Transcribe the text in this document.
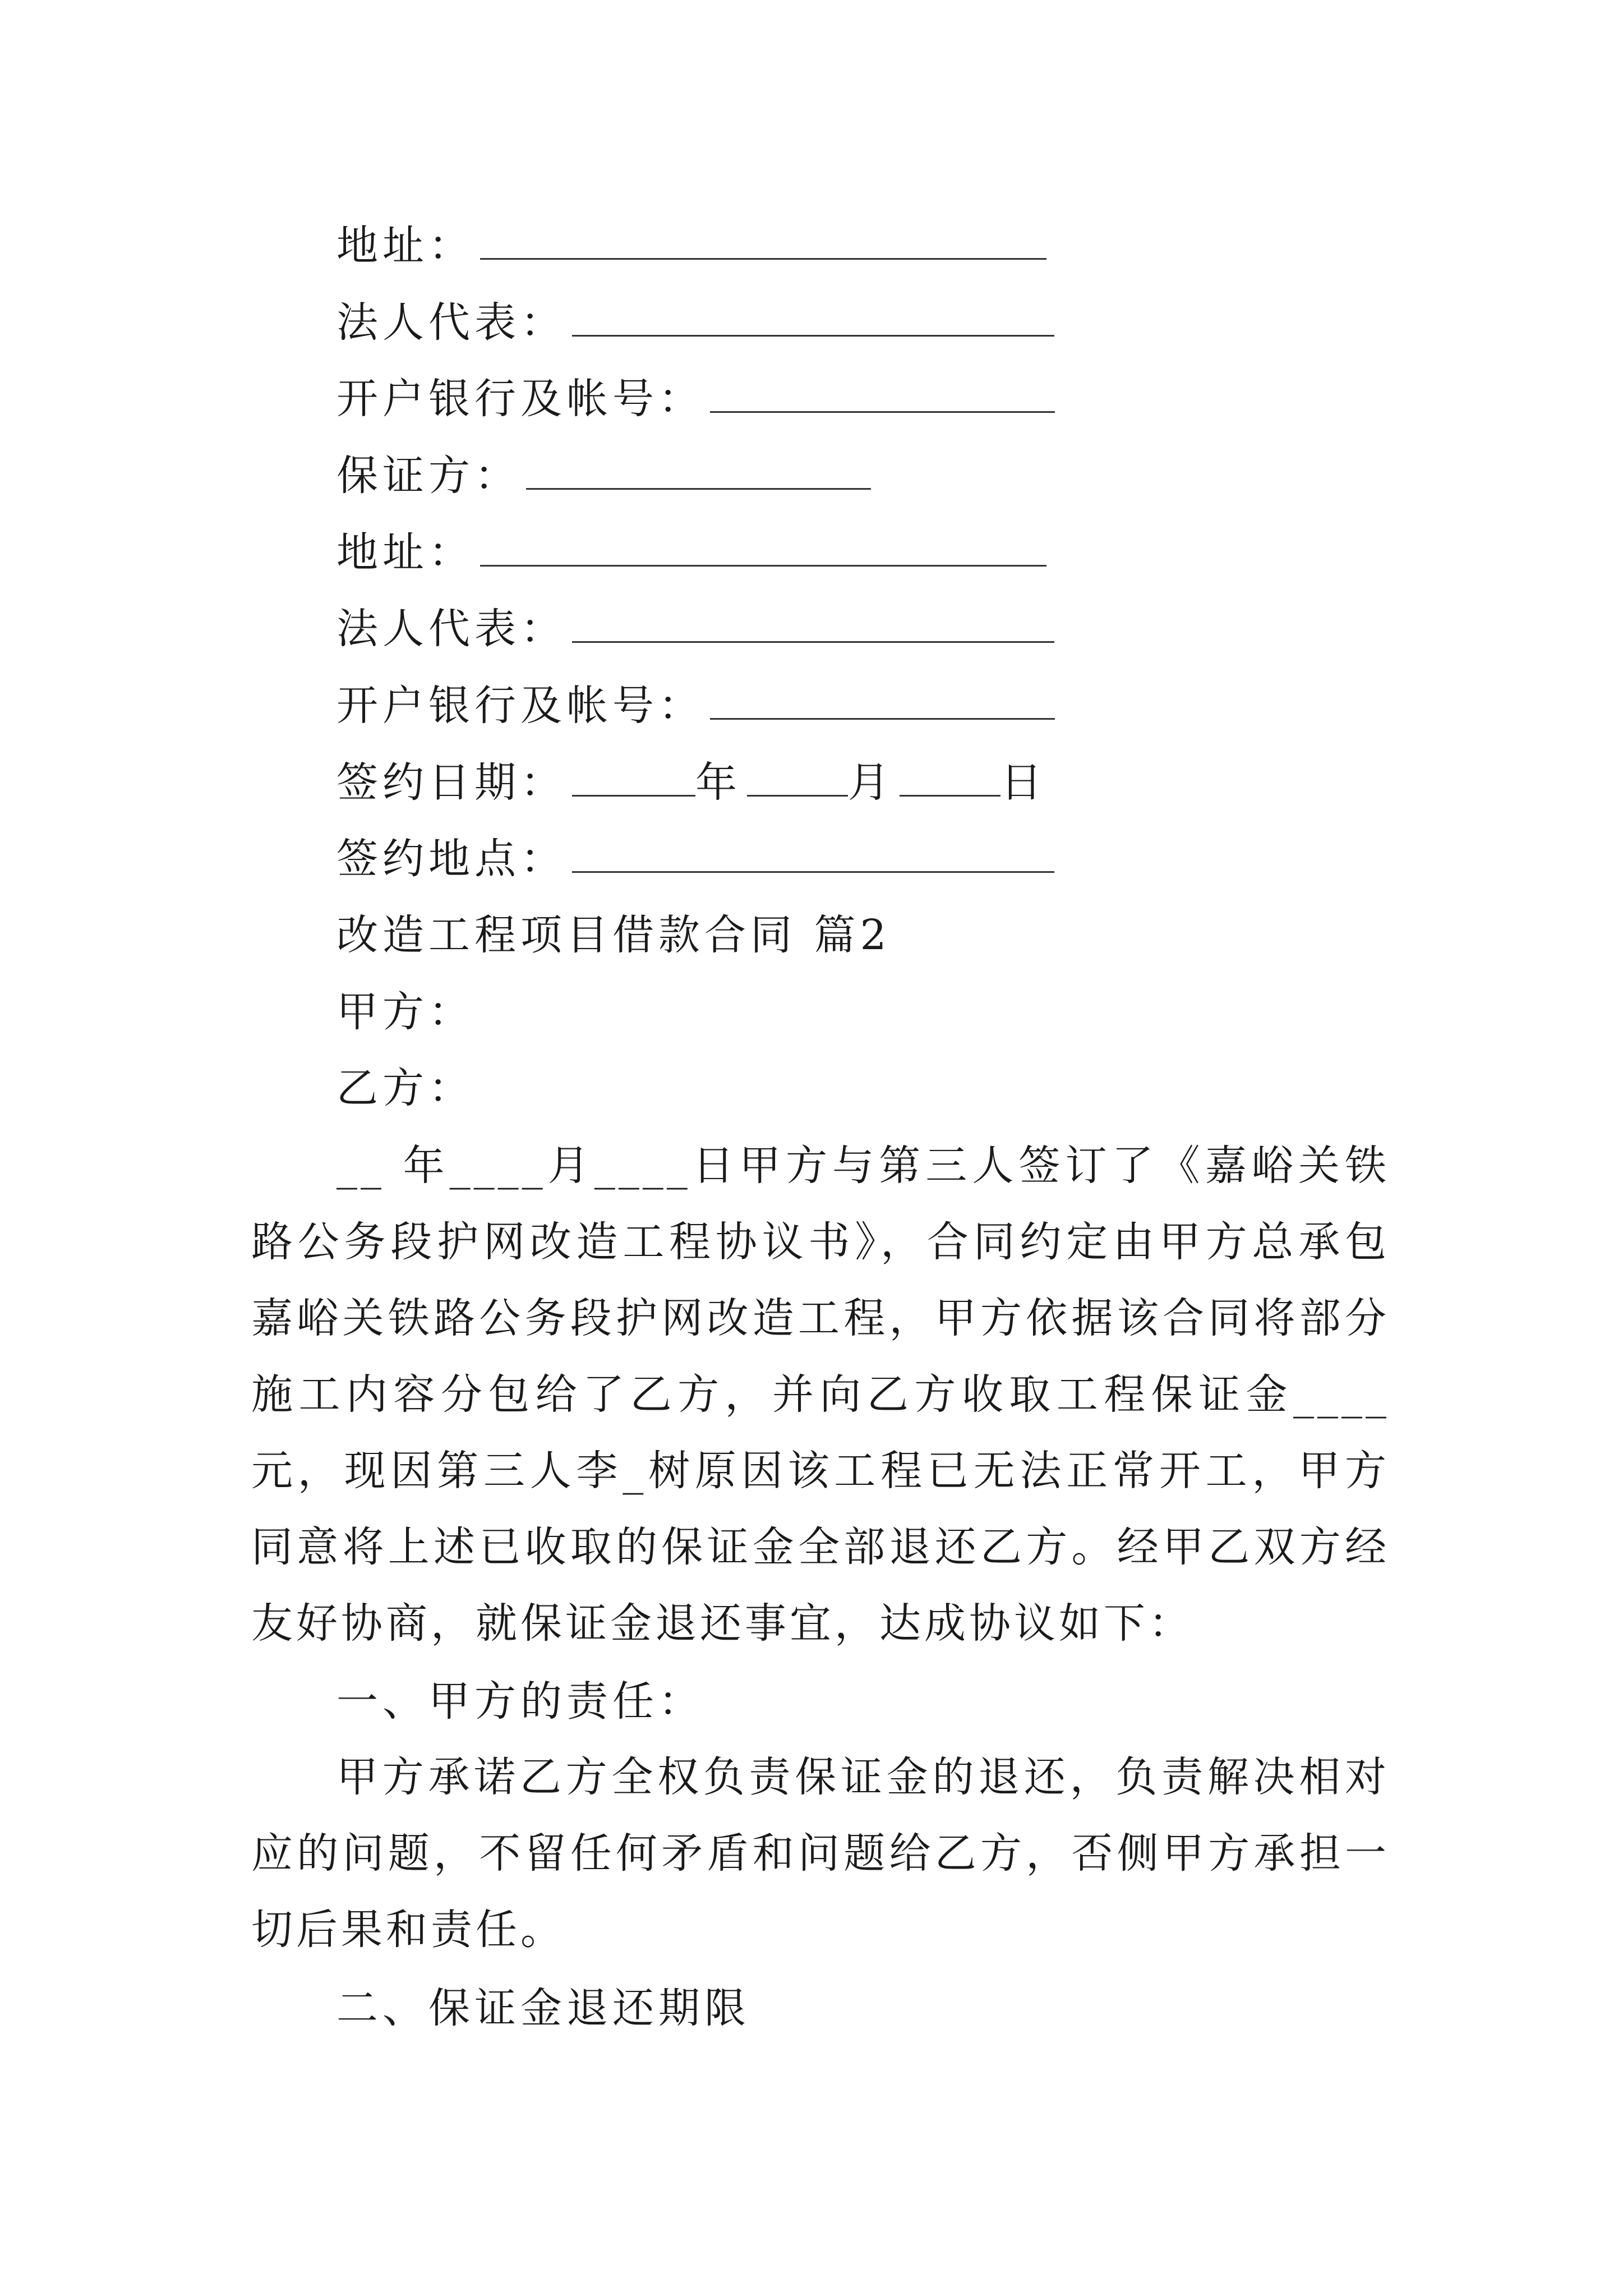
地址：
法人代表：
开户银行及帐号：
保证方：
地址：
法人代表：
开户银行及帐号：
签约日期：	年	月	日
签约地点：
改造工程项目借款合同 篇2
甲方：
乙方：
__ 年____月____日甲方与第三人签订了《嘉峪关铁路公务段护网改造工程协议书》，合同约定由甲方总承包嘉峪关铁路公务段护网改造工程，甲方依据该合同将部分施工内容分包给了乙方，并向乙方收取工程保证金____元，现因第三人李_树原因该工程已无法正常开工，甲方同意将上述已收取的保证金全部退还乙方。经甲乙双方经友好协商，就保证金退还事宜，达成协议如下：
一、甲方的责任：
甲方承诺乙方全权负责保证金的退还，负责解决相对应的问题，不留任何矛盾和问题给乙方，否侧甲方承担一切后果和责任。
二、保证金退还期限
